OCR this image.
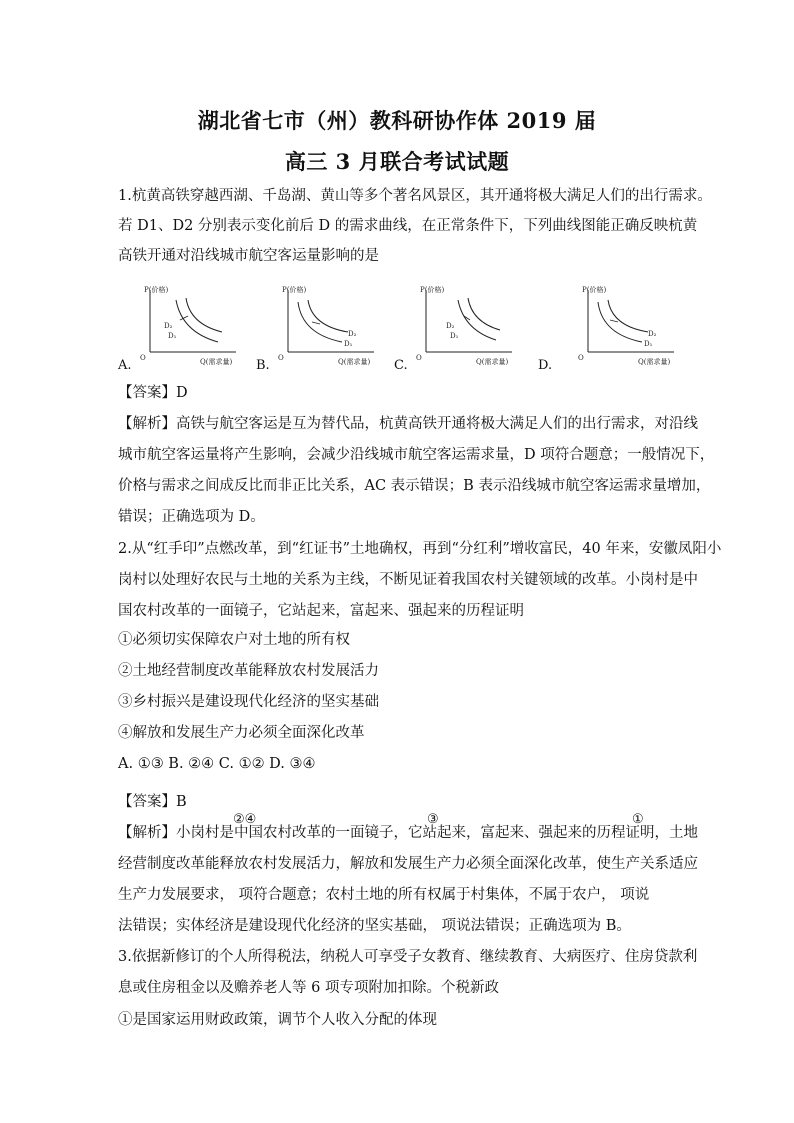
湖北省七市（州）教科研协作体 2019 届
高三 3 月联合考试试题
1.杭黄高铁穿越西湖、千岛湖、黄山等多个著名风景区，其开通将极大满足人们的出行需求。
若 D1、D2 分别表示变化前后 D 的需求曲线，在正常条件下，下列曲线图能正确反映杭黄
高铁开通对沿线城市航空客运量影响的是
A.
P(价格)
O	Q(需求量)
D₂
D₁
B.
P(价格)
O	Q(需求量)
D₂
D₁
C.
P(价格)
O	Q(需求量)
D₂
D₁
D.
P(价格)
O	Q(需求量)
D₂
D₁
【答案】D
【解析】高铁与航空客运是互为替代品，杭黄高铁开通将极大满足人们的出行需求，对沿线
城市航空客运量将产生影响，会减少沿线城市航空客运需求量，D 项符合题意；一般情况下，
价格与需求之间成反比而非正比关系，AC 表示错误；B 表示沿线城市航空客运需求量增加，
错误；正确选项为 D。
2.从“红手印”点燃改革，到“红证书”土地确权，再到“分红利”增收富民，40 年来，安徽凤阳小
岗村以处理好农民与土地的关系为主线，不断见证着我国农村关键领域的改革。小岗村是中
国农村改革的一面镜子，它站起来，富起来、强起来的历程证明
①必须切实保障农户对土地的所有权
②土地经营制度改革能释放农村发展活力
③乡村振兴是建设现代化经济的坚实基础
④解放和发展生产力必须全面深化改革
A. ①③ B. ②④ C. ①② D. ③④
【答案】B
②④	③	①
【解析】小岗村是中国农村改革的一面镜子，它站起来，富起来、强起来的历程证明，土地
经营制度改革能释放农村发展活力，解放和发展生产力必须全面深化改革，使生产关系适应
生产力发展要求， 项符合题意；农村土地的所有权属于村集体，不属于农户， 项说
法错误；实体经济是建设现代化经济的坚实基础， 项说法错误；正确选项为 B。
3.依据新修订的个人所得税法，纳税人可享受子女教育、继续教育、大病医疗、住房贷款利
息或住房租金以及赡养老人等 6 项专项附加扣除。个税新政
①是国家运用财政政策，调节个人收入分配的体现
